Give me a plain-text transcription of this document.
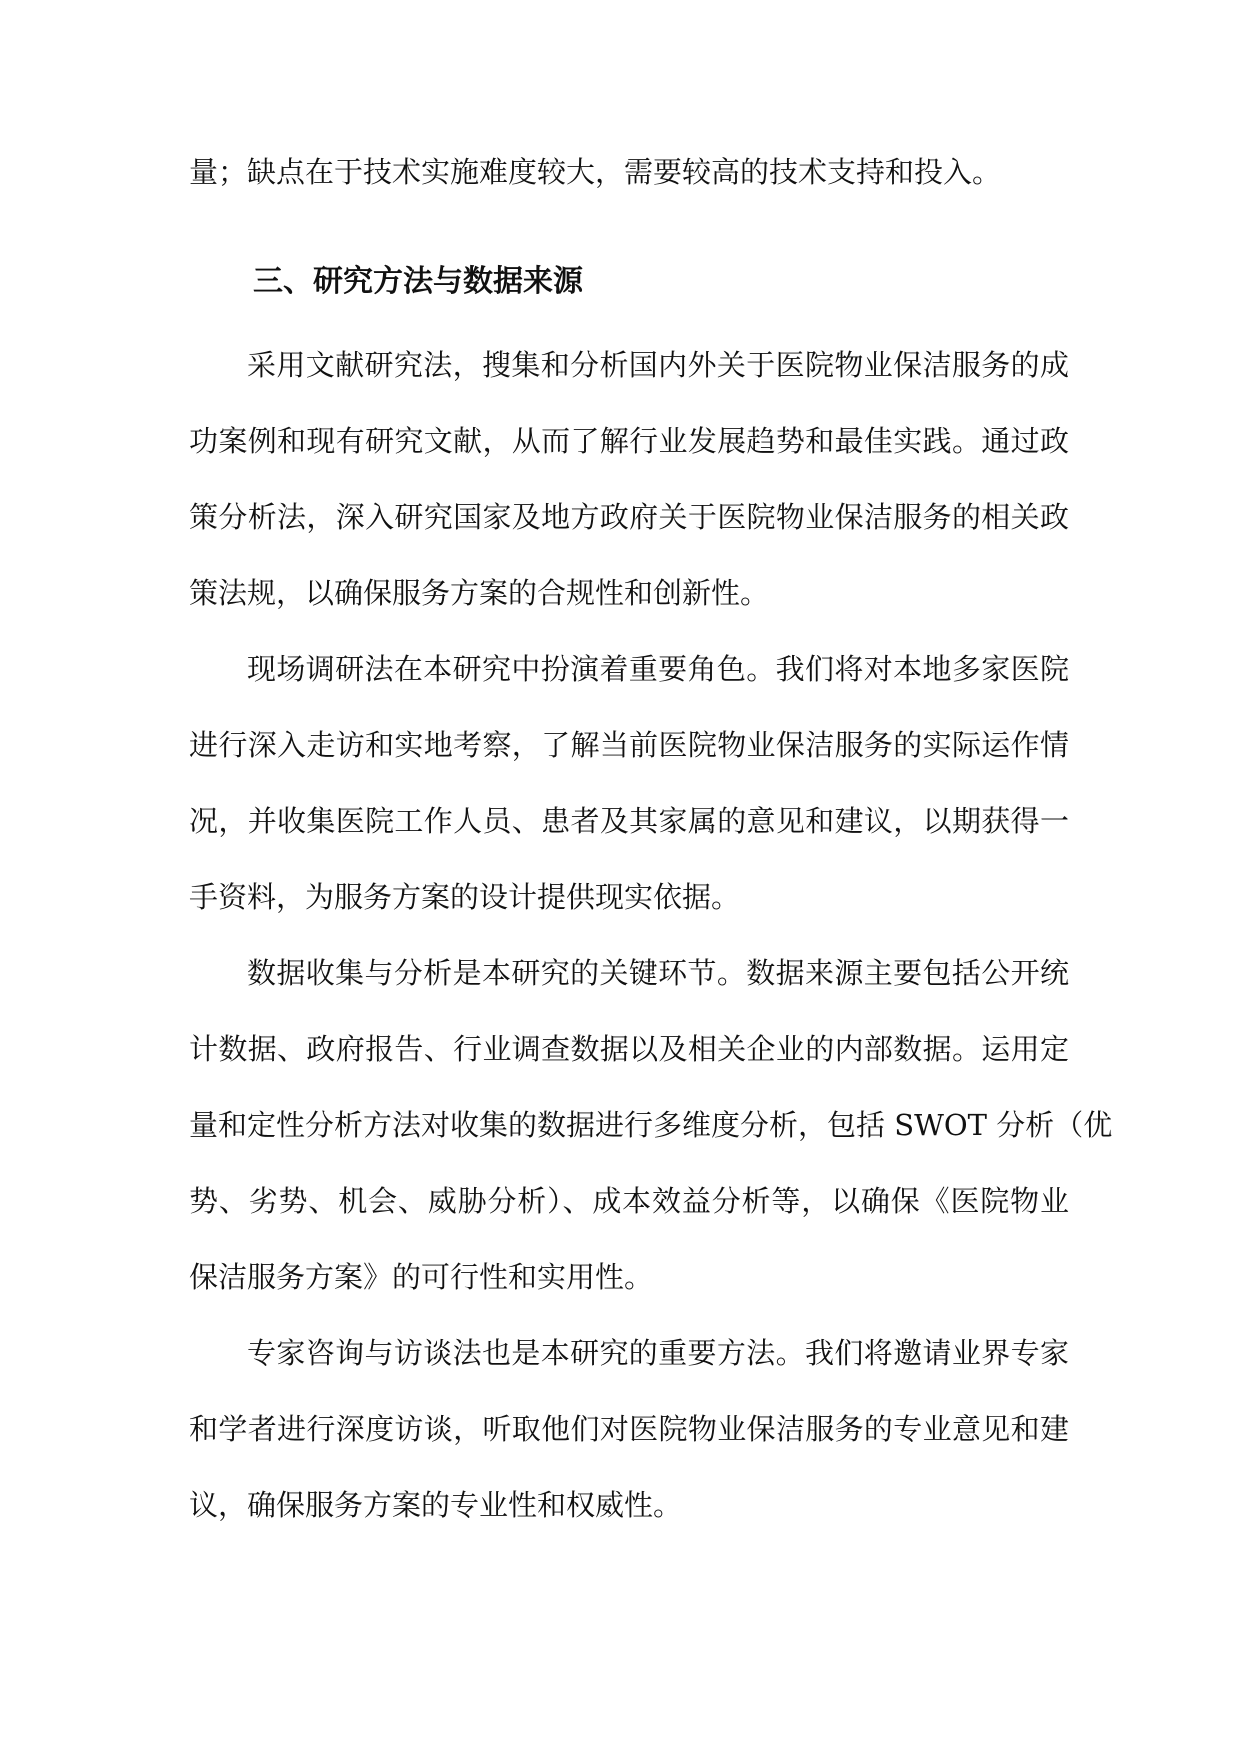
量；缺点在于技术实施难度较大，需要较高的技术支持和投入。
三、研究方法与数据来源
采用文献研究法，搜集和分析国内外关于医院物业保洁服务的成
功案例和现有研究文献，从而了解行业发展趋势和最佳实践。通过政
策分析法，深入研究国家及地方政府关于医院物业保洁服务的相关政
策法规，以确保服务方案的合规性和创新性。
现场调研法在本研究中扮演着重要角色。我们将对本地多家医院
进行深入走访和实地考察，了解当前医院物业保洁服务的实际运作情
况，并收集医院工作人员、患者及其家属的意见和建议，以期获得一
手资料，为服务方案的设计提供现实依据。
数据收集与分析是本研究的关键环节。数据来源主要包括公开统
计数据、政府报告、行业调查数据以及相关企业的内部数据。运用定
量和定性分析方法对收集的数据进行多维度分析，包括 SWOT 分析（优
势、劣势、机会、威胁分析）、成本效益分析等，以确保《医院物业
保洁服务方案》的可行性和实用性。
专家咨询与访谈法也是本研究的重要方法。我们将邀请业界专家
和学者进行深度访谈，听取他们对医院物业保洁服务的专业意见和建
议，确保服务方案的专业性和权威性。
